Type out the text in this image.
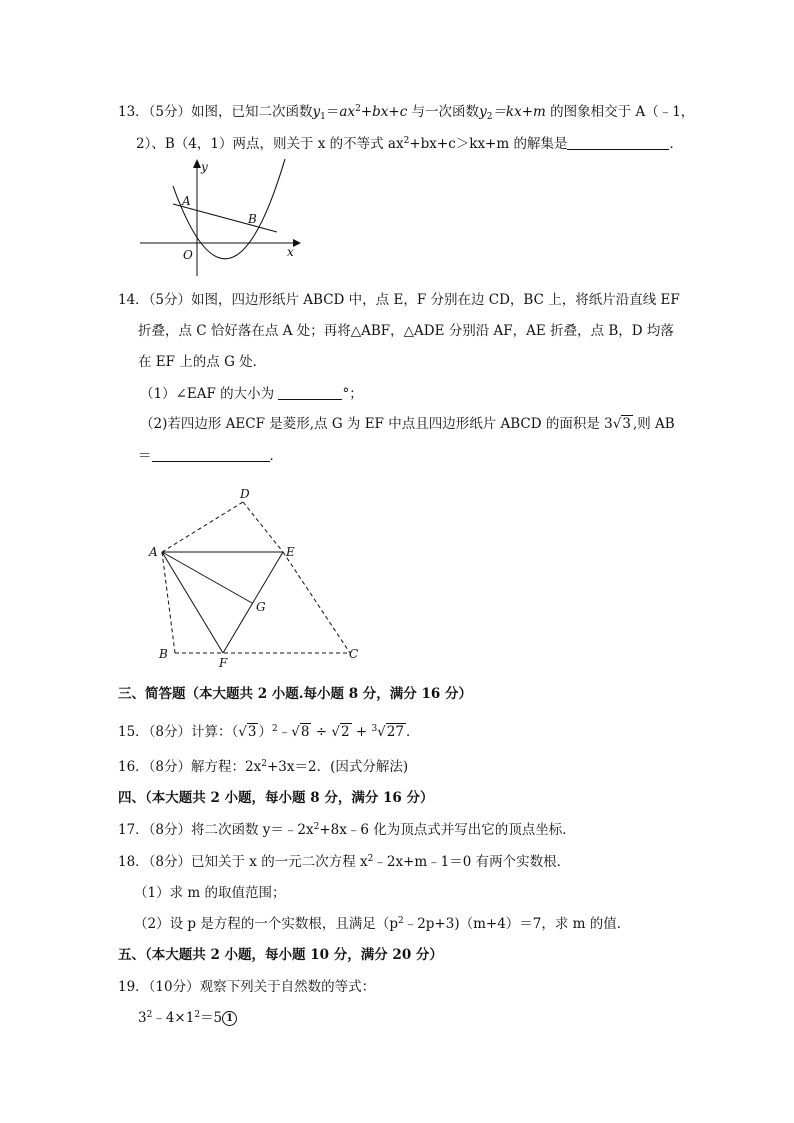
13．（5分）如图，已知二次函数$y_1=ax^2+bx+c$ 与一次函数$y_2=kx+m$ 的图象相交于 A（﹣1，
2）、B（4，1）两点，则关于 x 的不等式 $ax^2+bx+c>kx+m$ 的解集是	．
A
B
O	x
y
14．（5分）如图，四边形纸片 ABCD 中，点 E，F 分别在边 CD，BC 上，将纸片沿直线 EF
折叠，点 C 恰好落在点 A 处；再将△ABF，△ADE 分别沿 AF，AE 折叠，点 B，D 均落
在 EF 上的点 G 处．
（1）∠EAF 的大小为	°；
（2)若四边形 AECF 是菱形,点 G 为 EF 中点且四边形纸片 ABCD 的面积是 3√3 ,则 AB
＝	．
A
B	C
D
E
F
G
三、简答题（本大题共 2 小题.每小题 8 分，满分 16 分）
15．（8分）计算：（√3 ）$^2$﹣√8 ÷ √2 + $^3$√27 ．
16．（8分）解方程：$2x^2+3x=2$．(因式分解法)
四、（本大题共 2 小题，每小题 8 分，满分 16 分）
17．（8分）将二次函数 $y=﹣2x^2+8x﹣6$ 化为顶点式并写出它的顶点坐标．
18．（8分）已知关于 x 的一元二次方程 $x^2﹣2x+m﹣1=0$ 有两个实数根．
（1）求 m 的取值范围；
（2）设 p 是方程的一个实数根，且满足$(p^2﹣2p+3)(m+4)=7$，求 m 的值．
五、（本大题共 2 小题，每小题 10 分，满分 20 分）
19．（10分）观察下列关于自然数的等式：
$3^2﹣4\times 1^2=5$ 1
